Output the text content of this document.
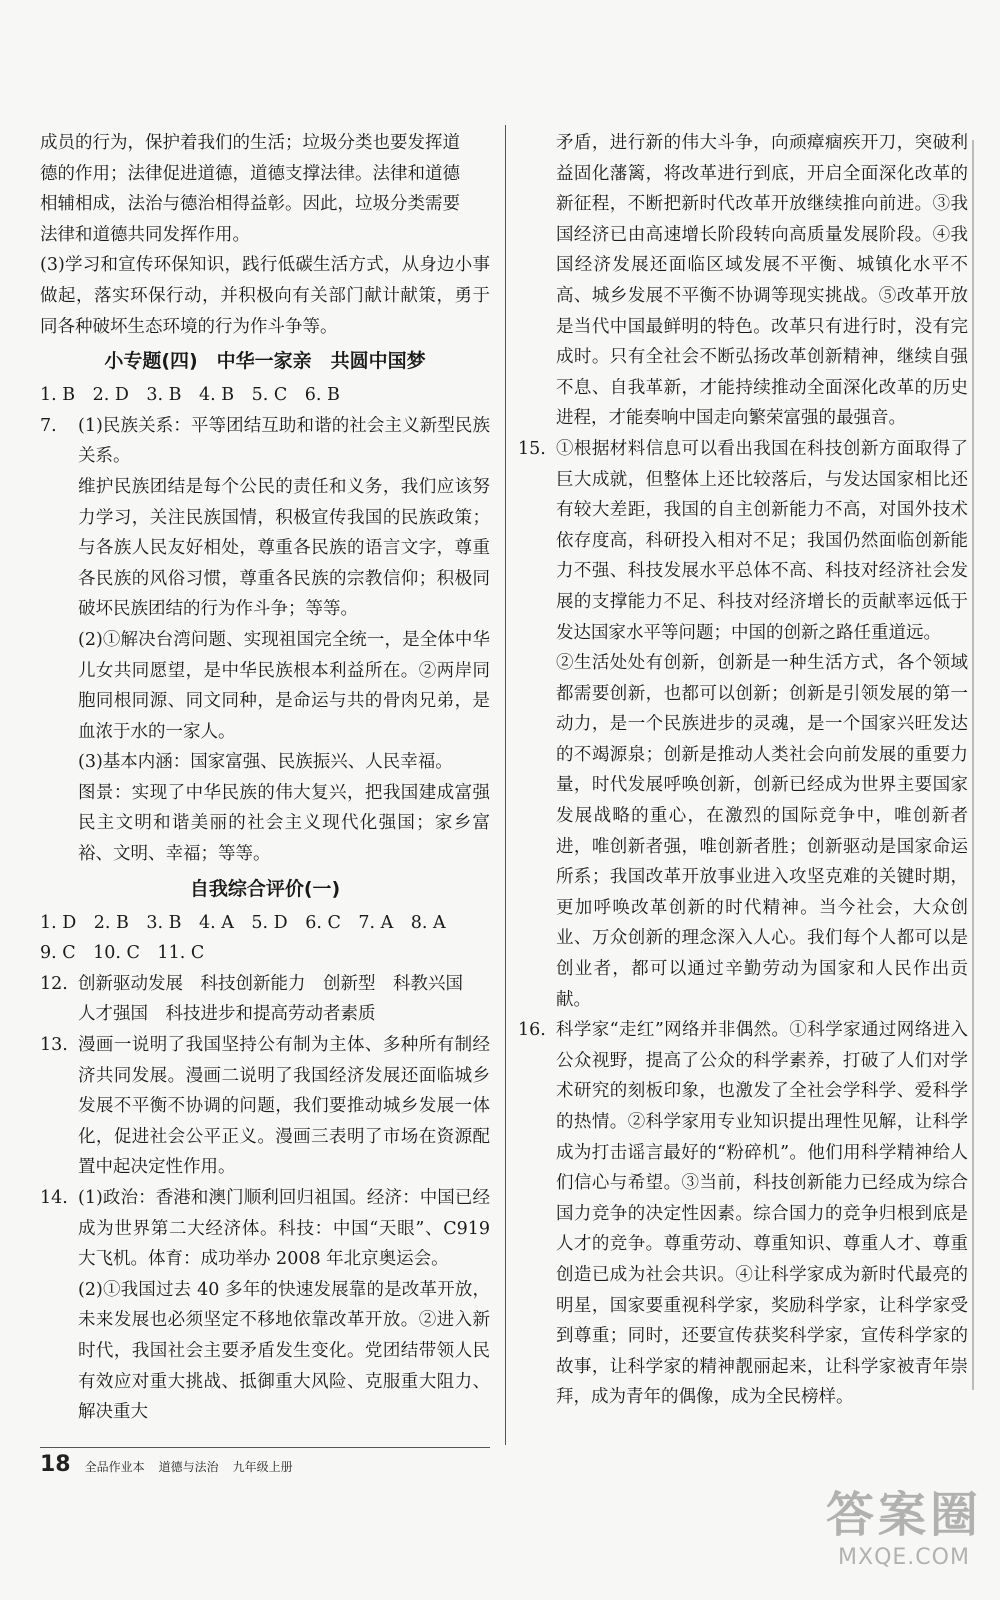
成员的行为，保护着我们的生活；垃圾分类也要发挥道

德的作用；法律促进道德，道德支撑法律。法律和道德

相辅相成，法治与德治相得益彰。因此，垃圾分类需要

法律和道德共同发挥作用。

(3)学习和宣传环保知识，践行低碳生活方式，从身边小事做起，落实环保行动，并积极向有关部门献计献策，勇于同各种破坏生态环境的行为作斗争等。

小专题(四)　中华一家亲　共圆中国梦

1. B　2. D　3. B　4. B　5. C　6. B

7.	(1)民族关系：平等团结互助和谐的社会主义新型民族关系。

维护民族团结是每个公民的责任和义务，我们应该努力学习，关注民族国情，积极宣传我国的民族政策；与各族人民友好相处，尊重各民族的语言文字，尊重各民族的风俗习惯，尊重各民族的宗教信仰；积极同破坏民族团结的行为作斗争；等等。

(2)①解决台湾问题、实现祖国完全统一，是全体中华儿女共同愿望，是中华民族根本利益所在。②两岸同胞同根同源、同文同种，是命运与共的骨肉兄弟，是血浓于水的一家人。

(3)基本内涵：国家富强、民族振兴、人民幸福。

图景：实现了中华民族的伟大复兴，把我国建成富强民主文明和谐美丽的社会主义现代化强国；家乡富裕、文明、幸福；等等。

自我综合评价(一)

1. D　2. B　3. B　4. A　5. D　6. C　7. A　8. A

9. C　10. C　11. C

12. 创新驱动发展　科技创新能力　创新型　科教兴国

人才强国　科技进步和提高劳动者素质

13. 漫画一说明了我国坚持公有制为主体、多种所有制经济共同发展。漫画二说明了我国经济发展还面临城乡发展不平衡不协调的问题，我们要推动城乡发展一体化，促进社会公平正义。漫画三表明了市场在资源配置中起决定性作用。

14. (1)政治：香港和澳门顺利回归祖国。经济：中国已经成为世界第二大经济体。科技：中国“天眼”、C919 大飞机。体育：成功举办 2008 年北京奥运会。

(2)①我国过去 40 多年的快速发展靠的是改革开放，未来发展也必须坚定不移地依靠改革开放。②进入新时代，我国社会主要矛盾发生变化。党团结带领人民有效应对重大挑战、抵御重大风险、克服重大阻力、解决重大

矛盾，进行新的伟大斗争，向顽瘴痼疾开刀，突破利益固化藩篱，将改革进行到底，开启全面深化改革的新征程，不断把新时代改革开放继续推向前进。③我国经济已由高速增长阶段转向高质量发展阶段。④我国经济发展还面临区域发展不平衡、城镇化水平不高、城乡发展不平衡不协调等现实挑战。⑤改革开放是当代中国最鲜明的特色。改革只有进行时，没有完成时。只有全社会不断弘扬改革创新精神，继续自强不息、自我革新，才能持续推动全面深化改革的历史进程，才能奏响中国走向繁荣富强的最强音。

15. ①根据材料信息可以看出我国在科技创新方面取得了巨大成就，但整体上还比较落后，与发达国家相比还有较大差距，我国的自主创新能力不高，对国外技术依存度高，科研投入相对不足；我国仍然面临创新能力不强、科技发展水平总体不高、科技对经济社会发展的支撑能力不足、科技对经济增长的贡献率远低于发达国家水平等问题；中国的创新之路任重道远。

②生活处处有创新，创新是一种生活方式，各个领域都需要创新，也都可以创新；创新是引领发展的第一动力，是一个民族进步的灵魂，是一个国家兴旺发达的不竭源泉；创新是推动人类社会向前发展的重要力量，时代发展呼唤创新，创新已经成为世界主要国家发展战略的重心，在激烈的国际竞争中，唯创新者进，唯创新者强，唯创新者胜；创新驱动是国家命运所系；我国改革开放事业进入攻坚克难的关键时期，更加呼唤改革创新的时代精神。当今社会，大众创业、万众创新的理念深入人心。我们每个人都可以是创业者，都可以通过辛勤劳动为国家和人民作出贡献。

16. 科学家“走红”网络并非偶然。①科学家通过网络进入公众视野，提高了公众的科学素养，打破了人们对学术研究的刻板印象，也激发了全社会学科学、爱科学的热情。②科学家用专业知识提出理性见解，让科学成为打击谣言最好的“粉碎机”。他们用科学精神给人们信心与希望。③当前，科技创新能力已经成为综合国力竞争的决定性因素。综合国力的竞争归根到底是人才的竞争。尊重劳动、尊重知识、尊重人才、尊重创造已成为社会共识。④让科学家成为新时代最亮的明星，国家要重视科学家，奖励科学家，让科学家受到尊重；同时，还要宣传获奖科学家，宣传科学家的故事，让科学家的精神靓丽起来，让科学家被青年崇拜，成为青年的偶像，成为全民榜样。

18 全品作业本 道德与法治 九年级上册
答案圈
MXQE.COM
